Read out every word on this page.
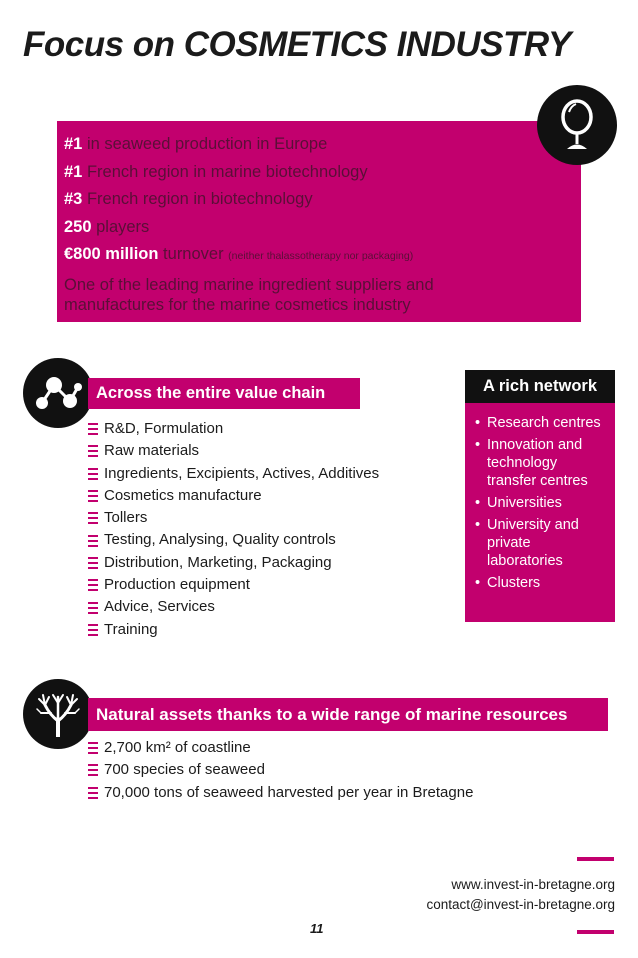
Focus on COSMETICS INDUSTRY
#1 in seaweed production in Europe
#1 French region in marine biotechnology
#3 French region in biotechnology
250 players
€800 million turnover (neither thalassotherapy nor packaging)
One of the leading marine ingredient suppliers and manufactures for the marine cosmetics industry
Across the entire value chain
R&D, Formulation
Raw materials
Ingredients, Excipients, Actives, Additives
Cosmetics manufacture
Tollers
Testing, Analysing, Quality controls
Distribution, Marketing, Packaging
Production equipment
Advice, Services
Training
A rich network
• Research centres
• Innovation and technology transfer centres
• Universities
• University and private laboratories
• Clusters
Natural assets thanks to a wide range of marine resources
2,700 km² of coastline
700 species of seaweed
70,000 tons of seaweed harvested per year in Bretagne
www.invest-in-bretagne.org
contact@invest-in-bretagne.org
11
